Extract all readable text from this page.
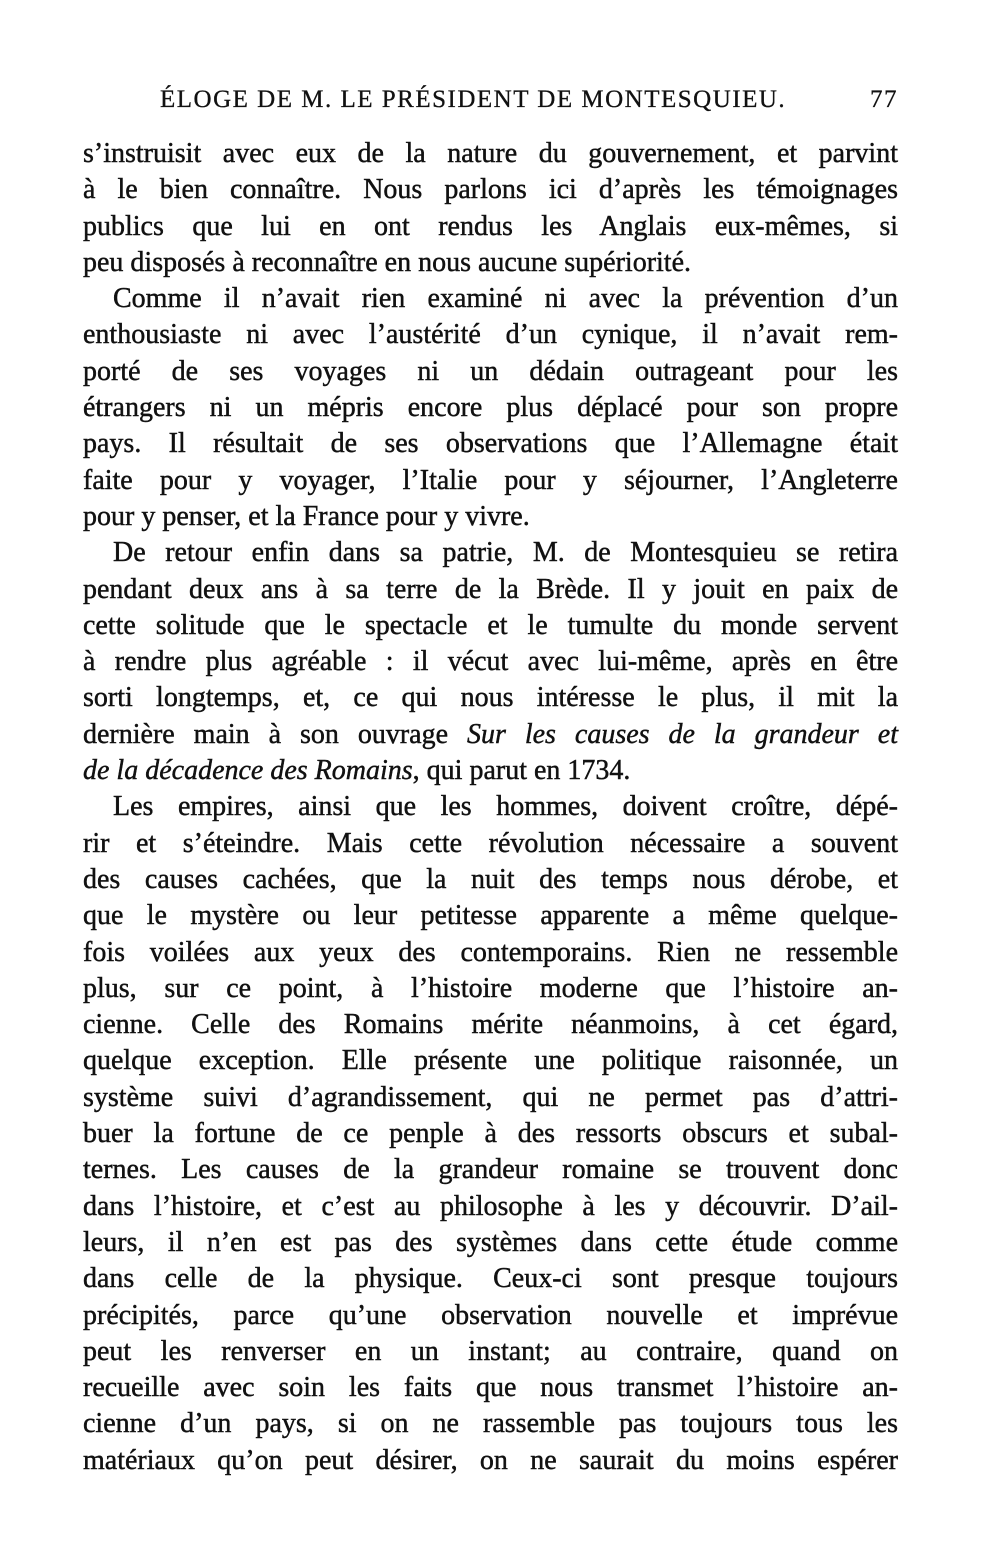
ÉLOGE DE M. LE PRÉSIDENT DE MONTESQUIEU.	77
s’instruisit avec eux de la nature du gouvernement, et parvint
à le bien connaître. Nous parlons ici d’après les témoignages
publics que lui en ont rendus les Anglais eux-mêmes, si
peu disposés à reconnaître en nous aucune supériorité.
Comme il n’avait rien examiné ni avec la prévention d’un
enthousiaste ni avec l’austérité d’un cynique, il n’avait rem-
porté de ses voyages ni un dédain outrageant pour les
étrangers ni un mépris encore plus déplacé pour son propre
pays. Il résultait de ses observations que l’Allemagne était
faite pour y voyager, l’Italie pour y séjourner, l’Angleterre
pour y penser, et la France pour y vivre.
De retour enfin dans sa patrie, M. de Montesquieu se retira
pendant deux ans à sa terre de la Brède. Il y jouit en paix de
cette solitude que le spectacle et le tumulte du monde servent
à rendre plus agréable : il vécut avec lui-même, après en être
sorti longtemps, et, ce qui nous intéresse le plus, il mit la
dernière main à son ouvrage Sur les causes de la grandeur et
de la décadence des Romains, qui parut en 1734.
Les empires, ainsi que les hommes, doivent croître, dépé-
rir et s’éteindre. Mais cette révolution nécessaire a souvent
des causes cachées, que la nuit des temps nous dérobe, et
que le mystère ou leur petitesse apparente a même quelque-
fois voilées aux yeux des contemporains. Rien ne ressemble
plus, sur ce point, à l’histoire moderne que l’histoire an-
cienne. Celle des Romains mérite néanmoins, à cet égard,
quelque exception. Elle présente une politique raisonnée, un
système suivi d’agrandissement, qui ne permet pas d’attri-
buer la fortune de ce penple à des ressorts obscurs et subal-
ternes. Les causes de la grandeur romaine se trouvent donc
dans l’histoire, et c’est au philosophe à les y découvrir. D’ail-
leurs, il n’en est pas des systèmes dans cette étude comme
dans celle de la physique. Ceux-ci sont presque toujours
précipités, parce qu’une observation nouvelle et imprévue
peut les renverser en un instant; au contraire, quand on
recueille avec soin les faits que nous transmet l’histoire an-
cienne d’un pays, si on ne rassemble pas toujours tous les
matériaux qu’on peut désirer, on ne saurait du moins espérer
